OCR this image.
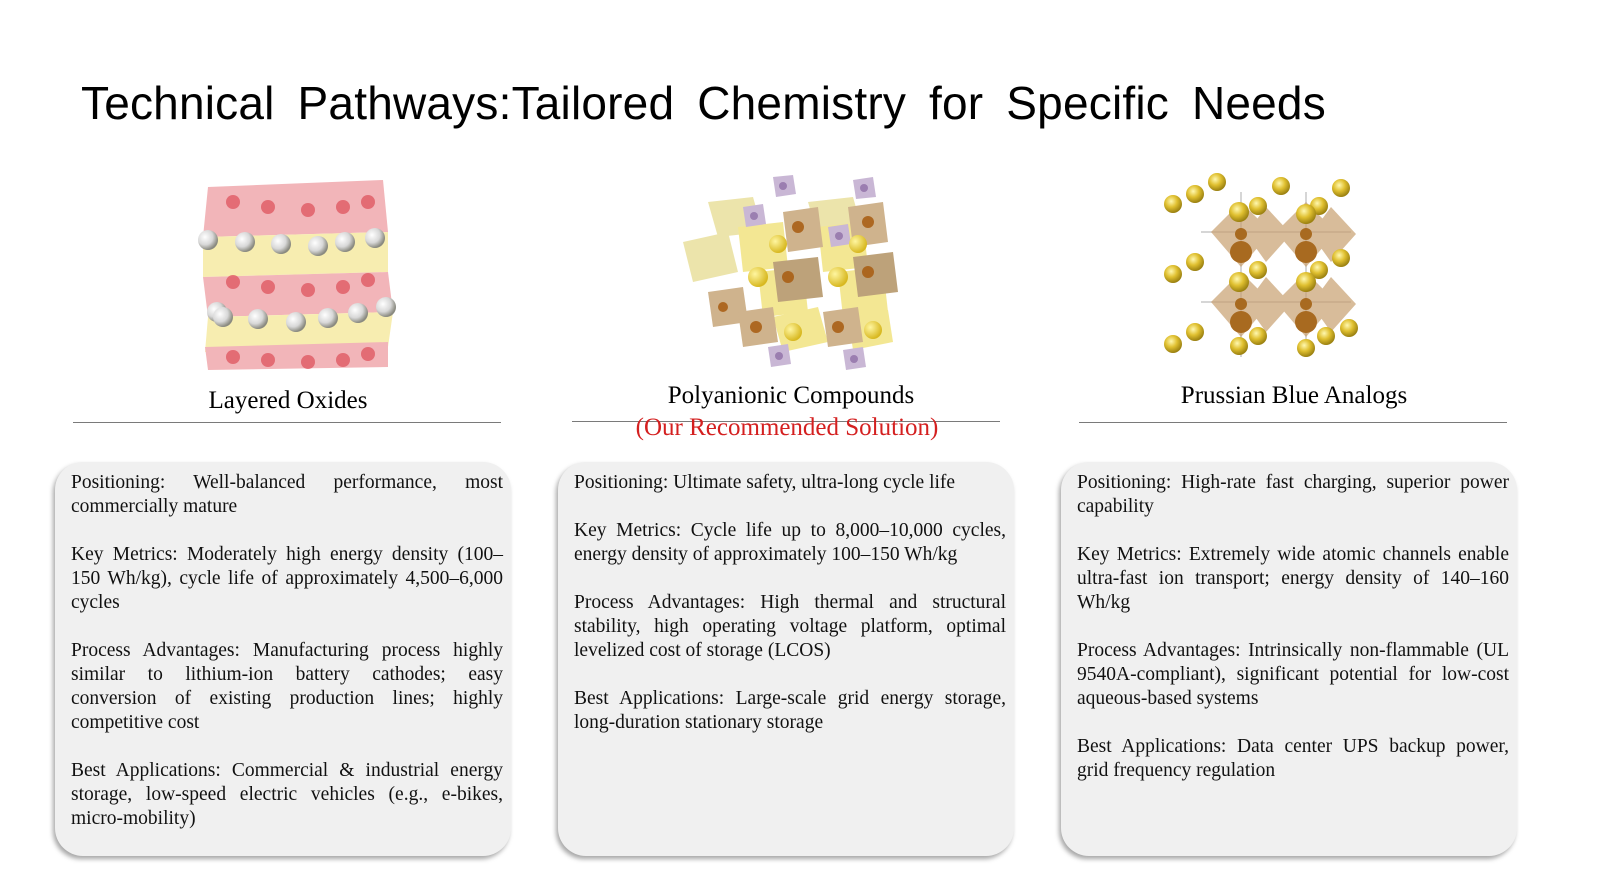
Technical Pathways:Tailored Chemistry for Specific Needs
Layered Oxides

Positioning: Well-balanced performance, most commercially mature

Key Metrics: Moderately high energy density (100–150 Wh/kg), cycle life of approximately 4,500–6,000 cycles

Process Advantages: Manufacturing process highly similar to lithium-ion battery cathodes; easy conversion of existing production lines; highly competitive cost

Best Applications: Commercial & industrial energy storage, low-speed electric vehicles (e.g., e-bikes, micro-mobility)

Polyanionic Compounds
(Our Recommended Solution)

Positioning: Ultimate safety, ultra-long cycle life

Key Metrics: Cycle life up to 8,000–10,000 cycles, energy density of approximately 100–150 Wh/kg

Process Advantages: High thermal and structural stability, high operating voltage platform, optimal levelized cost of storage (LCOS)

Best Applications: Large-scale grid energy storage, long-duration stationary storage

Prussian Blue Analogs

Positioning: High-rate fast charging, superior power capability

Key Metrics: Extremely wide atomic channels enable ultra-fast ion transport; energy density of 140–160 Wh/kg

Process Advantages: Intrinsically non-flammable (UL 9540A-compliant), significant potential for low-cost aqueous-based systems

Best Applications: Data center UPS backup power, grid frequency regulation
